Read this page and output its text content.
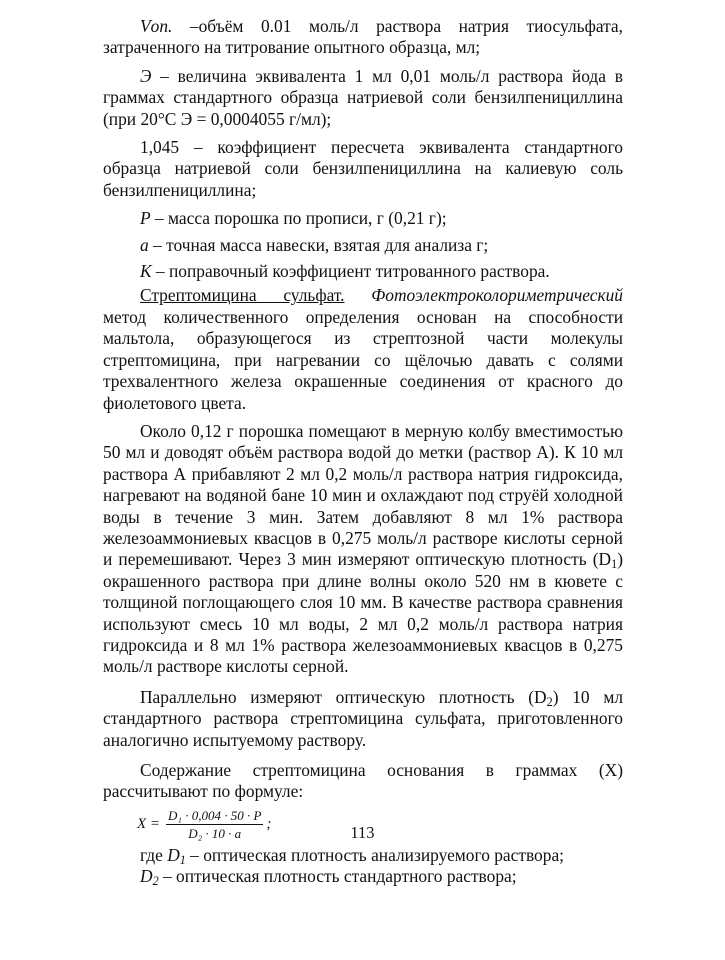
Vоп. –объём 0.01 моль/л раствора натрия тиосульфата, затраченного на титрование опытного образца, мл;

Э – величина эквивалента 1 мл 0,01 моль/л раствора йода в граммах стандартного образца натриевой соли бензилпенициллина (при 20°С Э = 0,0004055 г/мл);

1,045 – коэффициент пересчета эквивалента стандартного образца натриевой соли бензилпенициллина на калиевую соль бензилпенициллина;

Р – масса порошка по прописи, г (0,21 г);

а – точная масса навески, взятая для анализа г;

К – поправочный коэффициент титрованного раствора.

Стрептомицина сульфат. Фотоэлектроколориметрический метод количественного определения основан на способности мальтола, образующегося из стрептозной части молекулы стрептомицина, при нагревании со щёлочью давать с солями трехвалентного железа окрашенные соединения от красного до фиолетового цвета.

Около 0,12 г порошка помещают в мерную колбу вместимостью 50 мл и доводят объём раствора водой до метки (раствор А). К 10 мл раствора А прибавляют 2 мл 0,2 моль/л раствора натрия гидроксида, нагревают на водяной бане 10 мин и охлаждают под струёй холодной воды в течение 3 мин. Затем добавляют 8 мл 1% раствора железоаммониевых квасцов в 0,275 моль/л растворе кислоты серной и перемешивают. Через 3 мин измеряют оптическую плотность $(D_1)$ окрашенного раствора при длине волны около 520 нм в кювете с толщиной поглощающего слоя 10 мм. В качестве раствора сравнения используют смесь 10 мл воды, 2 мл 0,2 моль/л раствора натрия гидроксида и 8 мл 1% раствора железоаммониевых квасцов в 0,275 моль/л растворе кислоты серной.

Параллельно измеряют оптическую плотность $(D_2)$ 10 мл стандартного раствора стрептомицина сульфата, приготовленного аналогично испытуемому раствору.

Содержание стрептомицина основания в граммах (Х) рассчитывают по формуле:

$X = \frac{\text{D₁ · 0,004 · 50 · P}}{\text{D₂ · 10 · a}}$ ;

где $D_1$ – оптическая плотность анализируемого раствора;

$D_2$ – оптическая плотность стандартного раствора;

113
